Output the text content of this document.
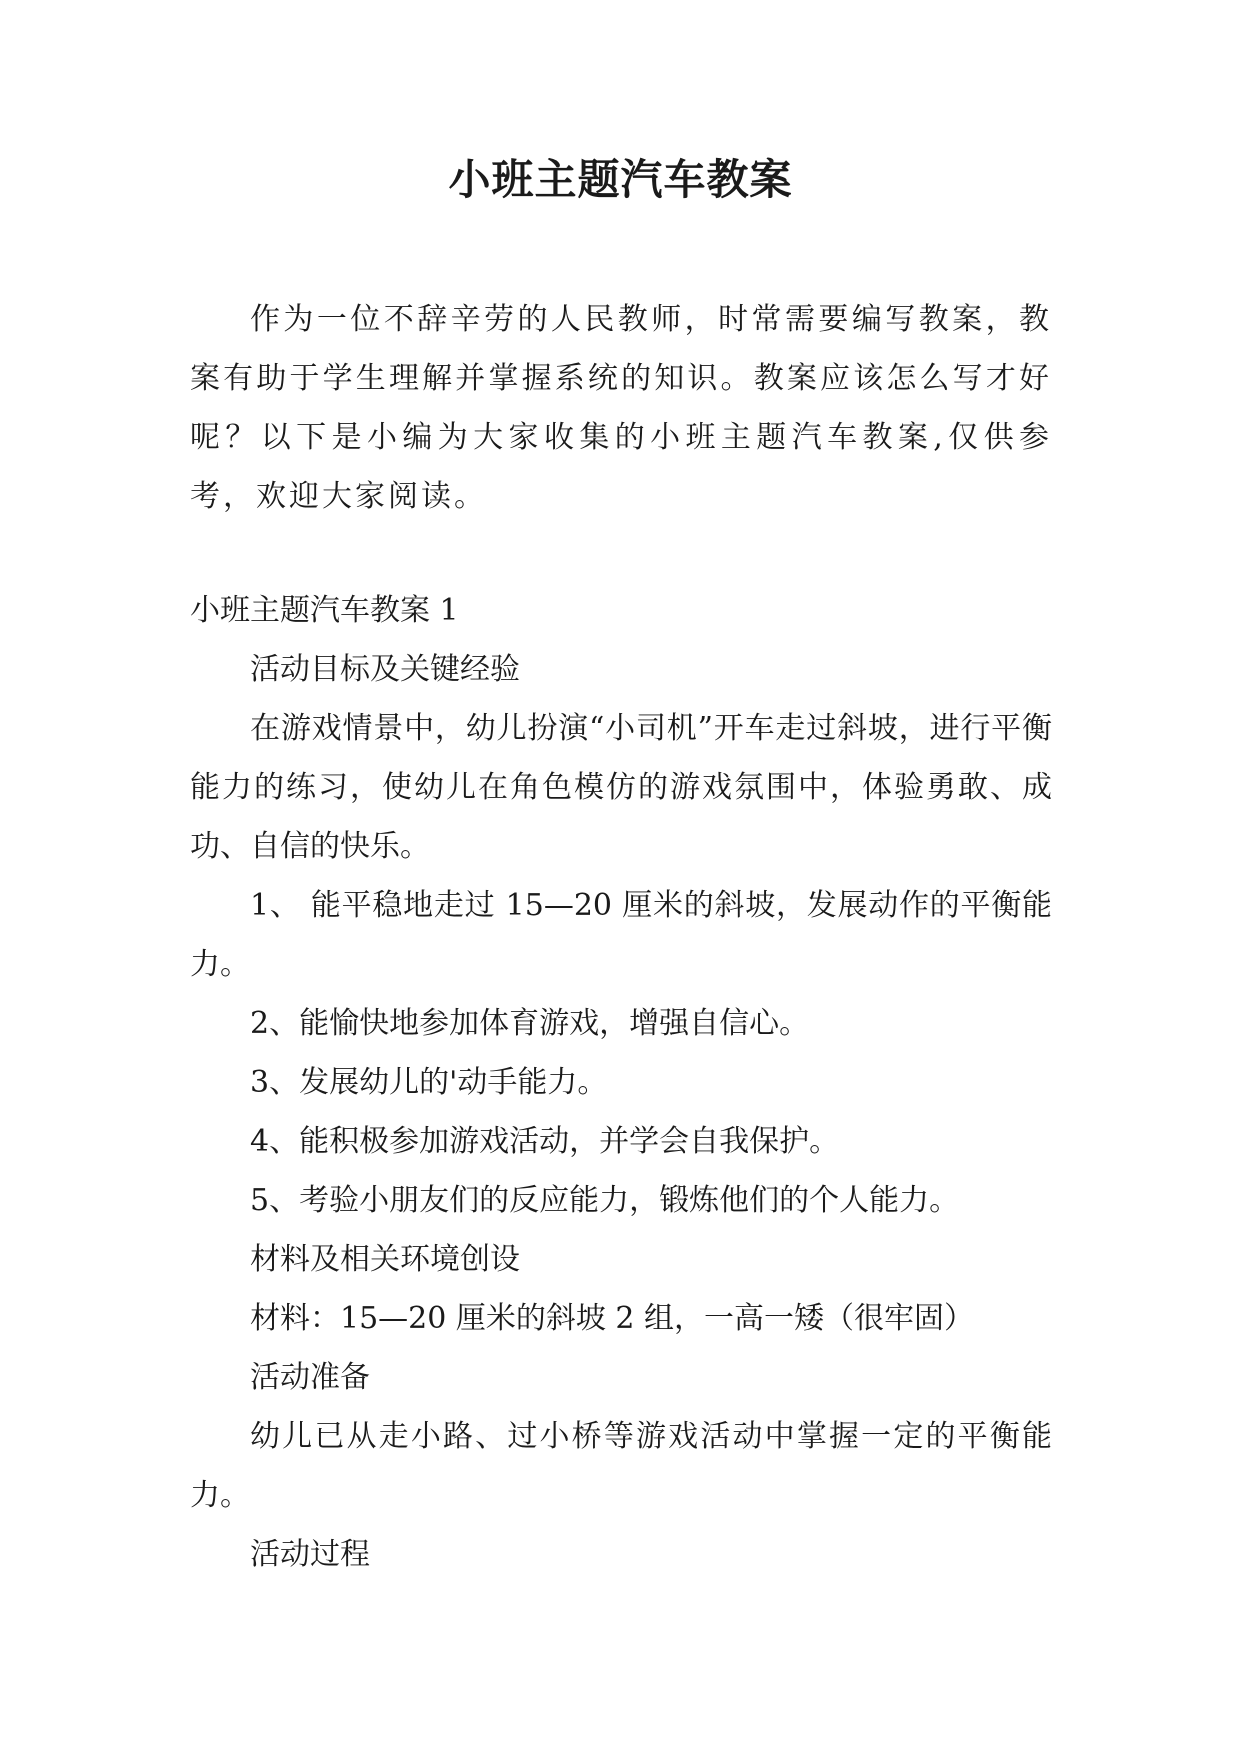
小班主题汽车教案

作为一位不辞辛劳的人民教师，时常需要编写教案，教案有助于学生理解并掌握系统的知识。教案应该怎么写才好呢？以下是小编为大家收集的小班主题汽车教案,仅供参考，欢迎大家阅读。

小班主题汽车教案 1

活动目标及关键经验

在游戏情景中，幼儿扮演“小司机”开车走过斜坡，进行平衡能力的练习，使幼儿在角色模仿的游戏氛围中，体验勇敢、成功、自信的快乐。

1、 能平稳地走过 15—20 厘米的斜坡，发展动作的平衡能力。

2、能愉快地参加体育游戏，增强自信心。

3、发展幼儿的'动手能力。

4、能积极参加游戏活动，并学会自我保护。

5、考验小朋友们的反应能力，锻炼他们的个人能力。

材料及相关环境创设

材料：15—20 厘米的斜坡 2 组，一高一矮（很牢固）

活动准备

幼儿已从走小路、过小桥等游戏活动中掌握一定的平衡能力。

活动过程
